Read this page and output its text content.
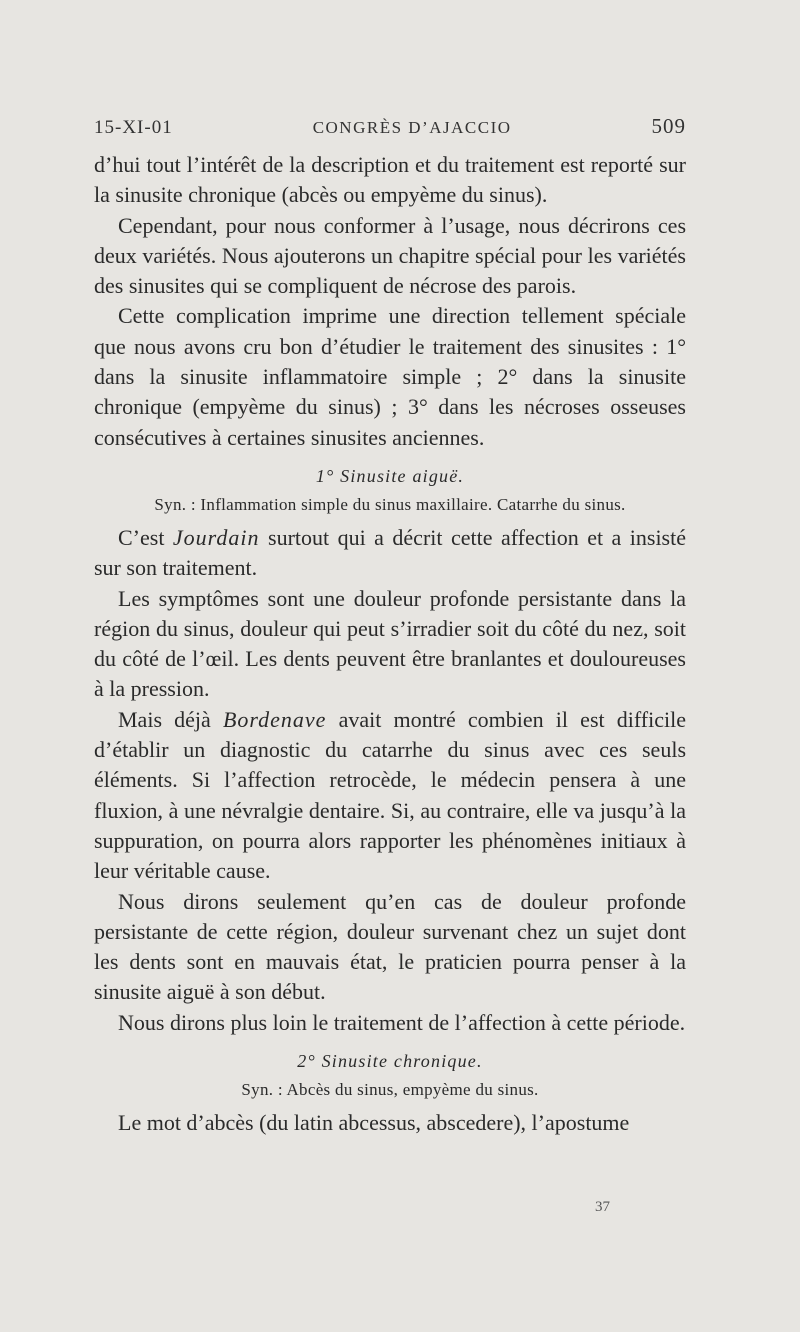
15-XI-01	CONGRÈS D’AJACCIO	509

d’hui tout l’intérêt de la description et du traitement est reporté sur la sinusite chronique (abcès ou empyème du sinus).

Cependant, pour nous conformer à l’usage, nous décrirons ces deux variétés. Nous ajouterons un chapitre spécial pour les variétés des sinusites qui se compliquent de nécrose des parois.

Cette complication imprime une direction tellement spéciale que nous avons cru bon d’étudier le traitement des sinusites : 1° dans la sinusite inflammatoire simple ; 2° dans la sinusite chronique (empyème du sinus) ; 3° dans les nécroses osseuses consécutives à certaines sinusites anciennes.

1° Sinusite aiguë.
Syn. : Inflammation simple du sinus maxillaire. Catarrhe du sinus.

C’est Jourdain surtout qui a décrit cette affection et a insisté sur son traitement.

Les symptômes sont une douleur profonde persistante dans la région du sinus, douleur qui peut s’irradier soit du côté du nez, soit du côté de l’œil. Les dents peuvent être branlantes et douloureuses à la pression.

Mais déjà Bordenave avait montré combien il est difficile d’établir un diagnostic du catarrhe du sinus avec ces seuls éléments. Si l’affection retrocède, le médecin pensera à une fluxion, à une névralgie dentaire. Si, au contraire, elle va jusqu’à la suppuration, on pourra alors rapporter les phénomènes initiaux à leur véritable cause.

Nous dirons seulement qu’en cas de douleur profonde persistante de cette région, douleur survenant chez un sujet dont les dents sont en mauvais état, le praticien pourra penser à la sinusite aiguë à son début.

Nous dirons plus loin le traitement de l’affection à cette période.

2° Sinusite chronique.
Syn. : Abcès du sinus, empyème du sinus.

Le mot d’abcès (du latin abcessus, abscedere), l’apostume

37
